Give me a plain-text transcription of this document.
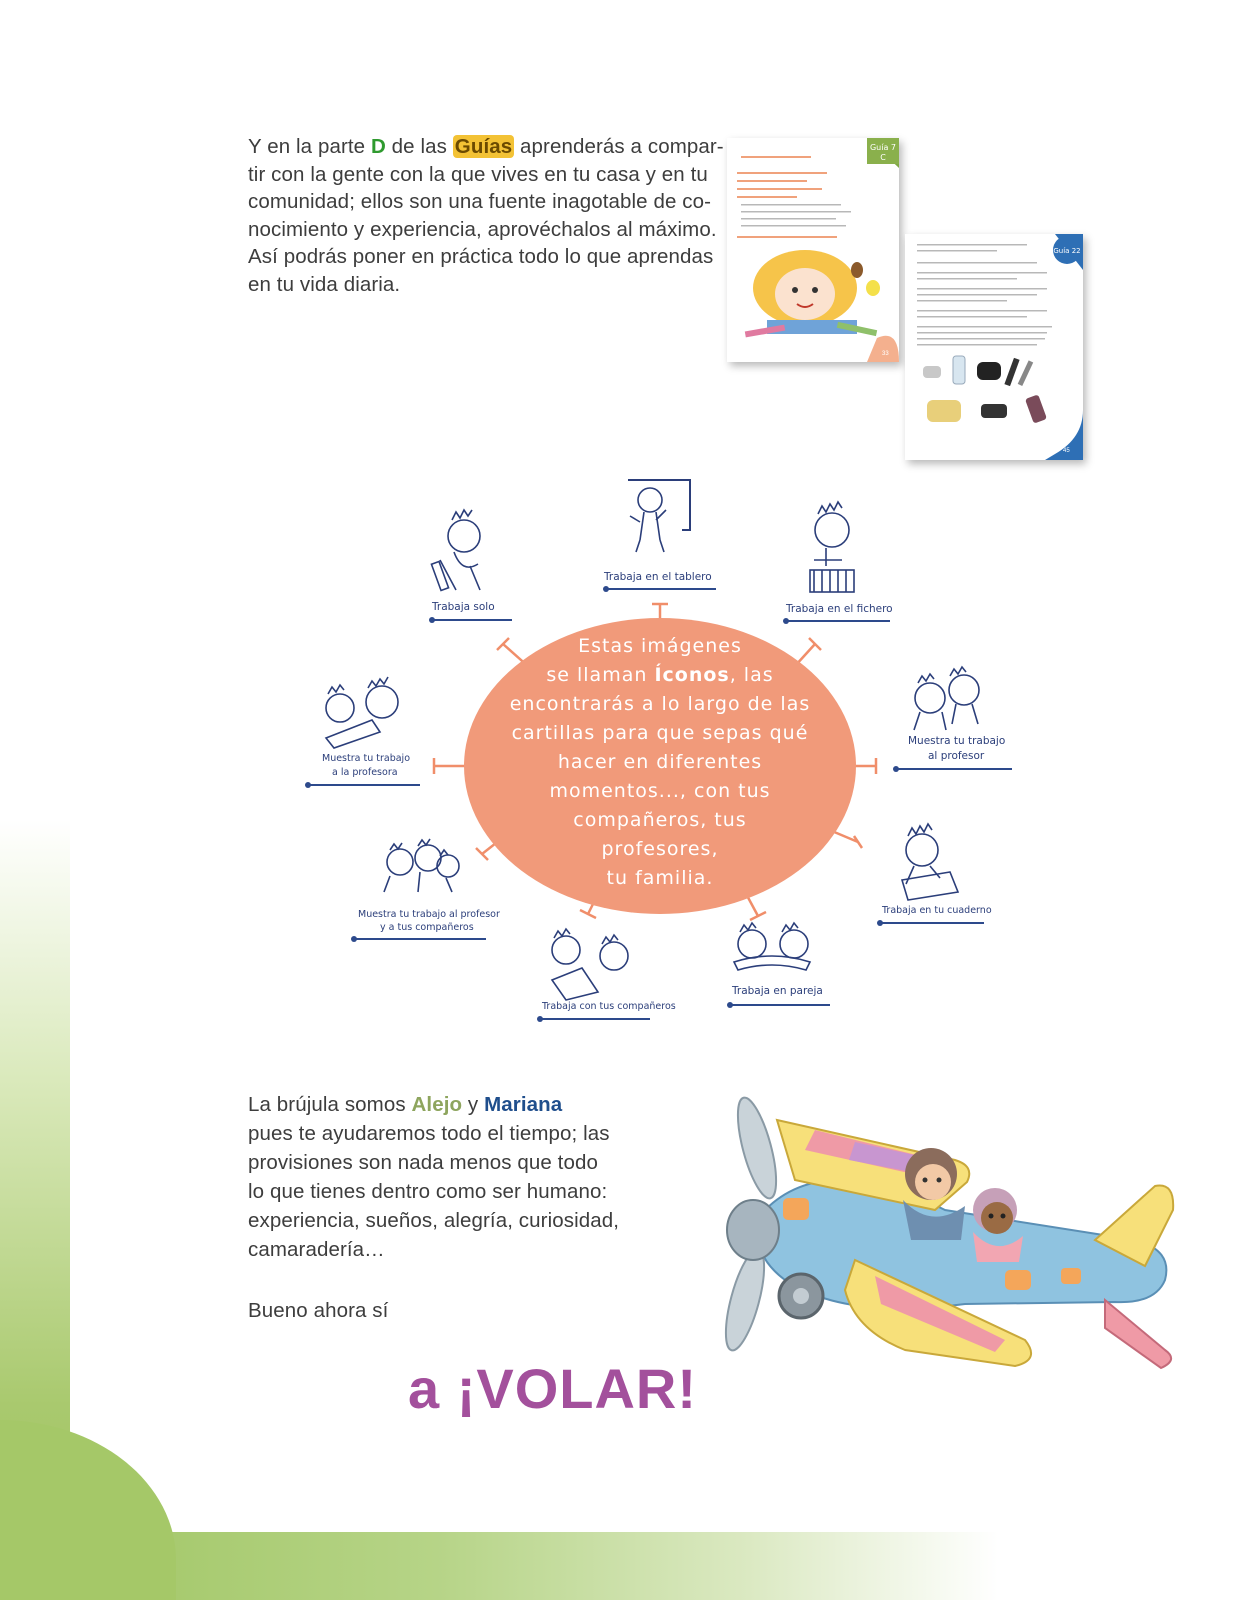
Y en la parte D de las Guías aprenderás a compar-
tir con la gente con la que vives en tu casa y en tu
comunidad; ellos son una fuente inagotable de co-
nocimiento y experiencia, aprovéchalos al máximo.
Así podrás poner en práctica todo lo que aprendas
en tu vida diaria.
Guía 7
C
33
Guía 22
45
Estas imágenes
se llaman Íconos, las
encontrarás a lo largo de las
cartillas para que sepas qué
hacer en diferentes
momentos..., con tus
compañeros, tus
profesores,
tu familia.
Trabaja en el tablero
Trabaja solo	Trabaja en el fichero
Muestra tu trabajo
al profesor
Muestra tu trabajo
a la profesora
Trabaja en tu cuaderno
Muestra tu trabajo al profesor
y a tus compañeros
Trabaja en pareja
Trabaja con tus compañeros
La brújula somos Alejo y Mariana
pues te ayudaremos todo el tiempo; las
provisiones son nada menos que todo
lo que tienes dentro como ser humano:
experiencia, sueños, alegría, curiosidad,
camaradería…
Bueno ahora sí
a ¡VOLAR!
